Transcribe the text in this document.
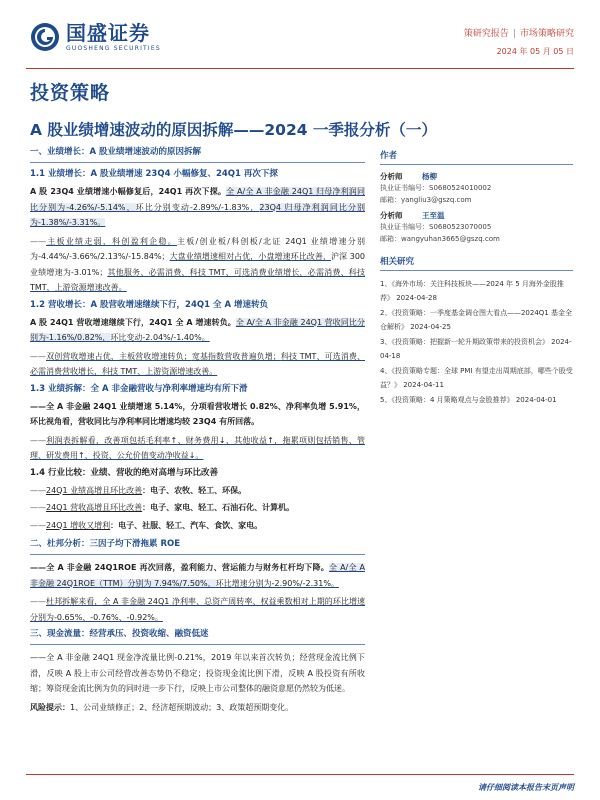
国盛证券
GUOSHENG SECURITIES
策研究报告 | 市场策略研究
2024 年 05 月 05 日
投资策略
A 股业绩增速波动的原因拆解——2024 一季报分析（一）
一、业绩增长：A 股业绩增速波动的原因拆解
1.1 业绩增长：A 股业绩增速 23Q4 小幅修复、24Q1 再次下探
A 股 23Q4 业绩增速小幅修复后，24Q1 再次下探。全 A/全 A 非金融 24Q1 归母净利润同比分别为-4.26%/-5.14%，环比分别变动-2.89%/-1.83%，23Q4 归母净利润同比分别为-1.38%/-3.31%。
——主板业绩走弱，科创盈利企稳。主板/创业板/科创板/北证 24Q1 业绩增速分别为-4.44%/-3.66%/2.13%/-15.84%；大盘业绩增速相对占优，小盘增速环比改善，沪深 300 业绩增速为-3.01%；其他服务、必需消费、科技 TMT、可选消费业绩增长，必需消费、科技 TMT，上游资源增速改善。
1.2 营收增长：A 股营收增速继续下行，24Q1 全 A 增速转负
A 股 24Q1 营收增速继续下行，24Q1 全 A 增速转负。全 A/全 A 非金融 24Q1 营收同比分别为-1.16%/0.82%，环比变动-2.04%/-1.40%。
——双创营收增速占优，主板营收增速转负；宽基指数营收普遍负增；科技 TMT、可选消费、必需消费营收增长，科技 TMT、上游资源增速改善。
1.3 业绩拆解：全 A 非金融营收与净利率增速均有所下滑
——全 A 非金融 24Q1 业绩增速 5.14%，分项看营收增长 0.82%、净利率负增 5.91%，环比视角看，营收同比与净利率同比增速均较 23Q4 有所回落。
——利润表拆解看，改善项包括毛利率↑、财务费用↓、其他收益↑，拖累项则包括销售、管理、研发费用↑，投资、公允价值变动净收益↓。
1.4 行业比较：业绩、营收的绝对高增与环比改善
——24Q1 业绩高增且环比改善：电子、农牧、轻工、环保。
——24Q1 营收高增且环比改善：电子、家电、轻工、石油石化、计算机。
——24Q1 增收又增利：电子、社服、轻工、汽车、食饮、家电。
二、杜邦分析：三因子均下滑拖累 ROE
——全 A 非金融 24Q1ROE 再次回落，盈利能力、营运能力与财务杠杆均下降。全 A/全 A 非金融 24Q1ROE（TTM）分别为 7.94%/7.50%，环比增速分别为-2.90%/-2.31%。
——杜邦拆解来看，全 A 非金融 24Q1 净利率、总资产周转率、权益乘数相对上期的环比增速分别为-0.65%、-0.76%、-0.92%。
三、现金流量：经营承压、投资收缩、融资低迷
——全 A 非金融 24Q1 现金净流量比例-0.21%，2019 年以来首次转负；经营现金流比例下滑，反映 A 股上市公司经营改善态势仍不稳定；投资现金流比例下滑，反映 A 股投资有所收缩；筹资现金流比例为负的同时进一步下行，反映上市公司整体的融资意愿仍然较为低迷。
风险提示：1、公司业绩修正；2、经济超预期波动；3、政策超预期变化。
作者
分析师	杨柳
执业证书编号：S0680524010002
邮箱：yangliu3@gszq.com
分析师	王至温
执业证书编号：S0680523070005
邮箱：wangyuhan3665@gszq.com
相关研究
1、《海外市场：关注科技板块——2024 年 5 月海外金股推荐》 2024-04-28
2、《投资策略：一季度基金调仓图大看点——2024Q1 基金全仓解析》 2024-04-25
3、《投资策略：把握新一轮升期政策带来的投资机会》 2024-04-18
4、《投资策略专题：全球 PMI 有望走出周期底部，哪些个股受益？》 2024-04-11
5、《投资策略：4 月策略观点与金股推荐》 2024-04-01
请仔细阅读本报告末页声明
